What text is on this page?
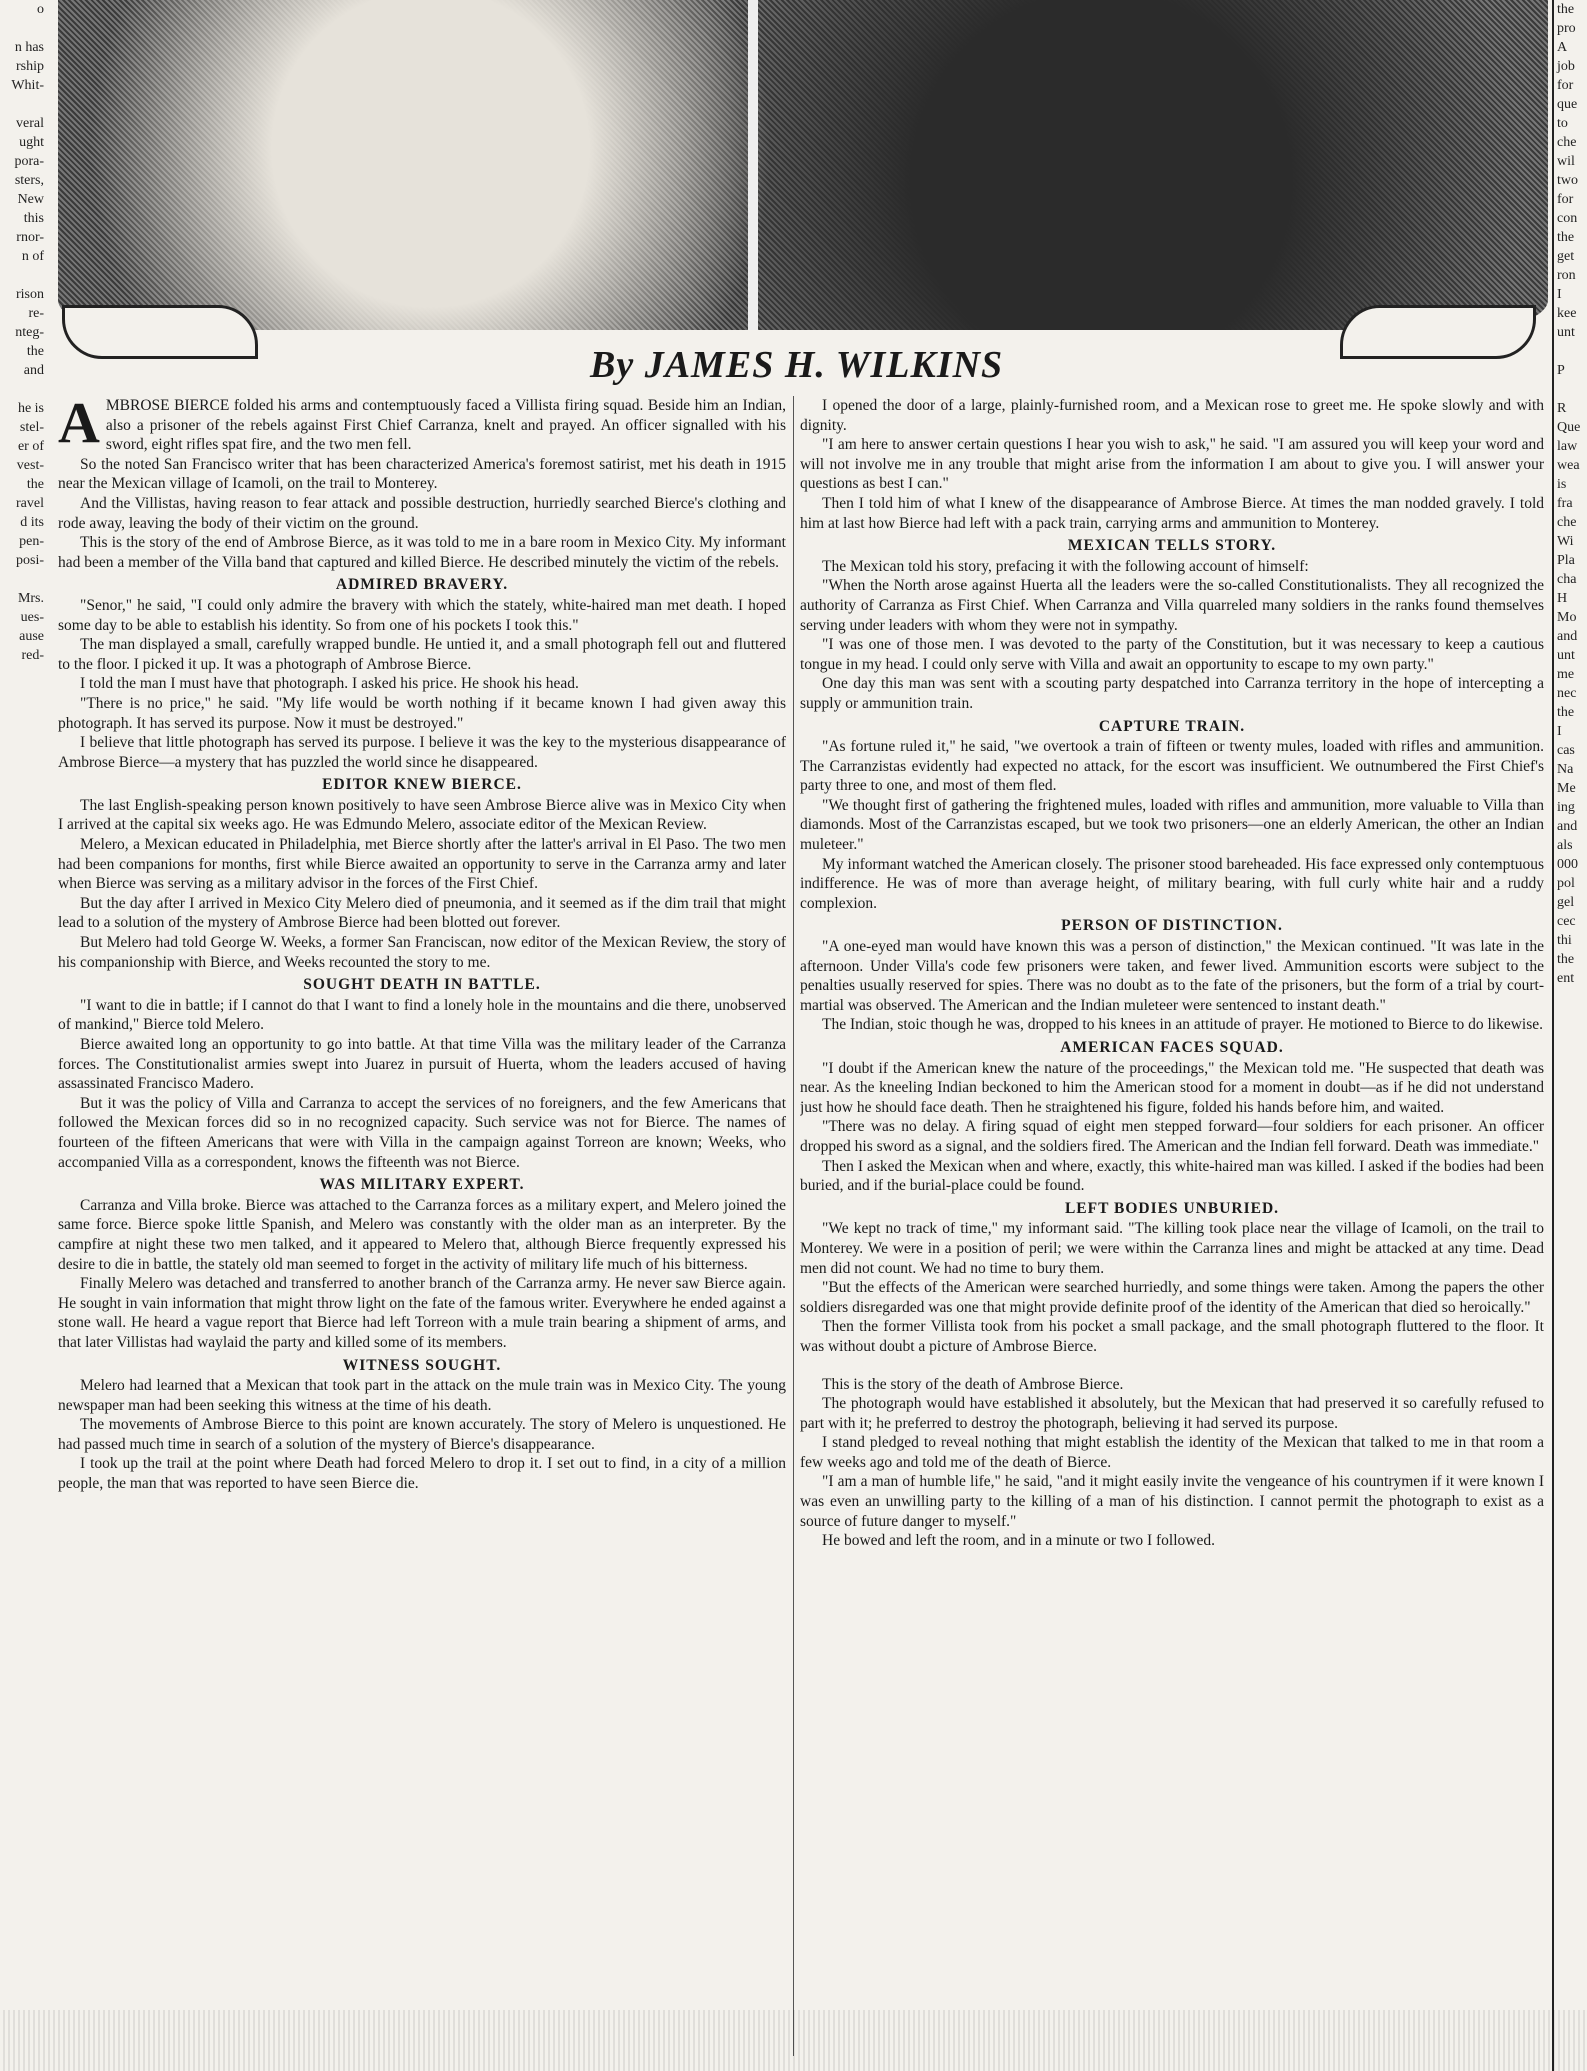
By JAMES H. WILKINS
o

n has
rship
Whit-

veral
ught
pora-
sters,
New
this
rnor-
n of

rison
re-
nteg-
the
and

he is
stel-
er of
vest-
the
ravel
d its
pen-
posi-

Mrs.
ues-
ause
red-
the
pro
A
job
for
que
to
che
wil
two
for
con
the
get
ron
I
kee
unt

P

R
Que
law
wea
is
fra
che
Wi
Pla
cha
H
Mo
and
unt
me
nec
the
I
cas
Na
Me
ing
and
als
000
pol
gel
cec
thi
the
ent

AMBROSE BIERCE folded his arms and contemptuously faced a Villista firing squad. Beside him an Indian, also a prisoner of the rebels against First Chief Carranza, knelt and prayed. An officer signalled with his sword, eight rifles spat fire, and the two men fell.

So the noted San Francisco writer that has been characterized America's foremost satirist, met his death in 1915 near the Mexican village of Icamoli, on the trail to Monterey.

And the Villistas, having reason to fear attack and possible destruction, hurriedly searched Bierce's clothing and rode away, leaving the body of their victim on the ground.

This is the story of the end of Ambrose Bierce, as it was told to me in a bare room in Mexico City. My informant had been a member of the Villa band that captured and killed Bierce. He described minutely the victim of the rebels.

ADMIRED BRAVERY.

"Senor," he said, "I could only admire the bravery with which the stately, white-haired man met death. I hoped some day to be able to establish his identity. So from one of his pockets I took this."

The man displayed a small, carefully wrapped bundle. He untied it, and a small photograph fell out and fluttered to the floor. I picked it up. It was a photograph of Ambrose Bierce.

I told the man I must have that photograph. I asked his price. He shook his head.

"There is no price," he said. "My life would be worth nothing if it became known I had given away this photograph. It has served its purpose. Now it must be destroyed."

I believe that little photograph has served its purpose. I believe it was the key to the mysterious disappearance of Ambrose Bierce—a mystery that has puzzled the world since he disappeared.

EDITOR KNEW BIERCE.

The last English-speaking person known positively to have seen Ambrose Bierce alive was in Mexico City when I arrived at the capital six weeks ago. He was Edmundo Melero, associate editor of the Mexican Review.

Melero, a Mexican educated in Philadelphia, met Bierce shortly after the latter's arrival in El Paso. The two men had been companions for months, first while Bierce awaited an opportunity to serve in the Carranza army and later when Bierce was serving as a military advisor in the forces of the First Chief.

But the day after I arrived in Mexico City Melero died of pneumonia, and it seemed as if the dim trail that might lead to a solution of the mystery of Ambrose Bierce had been blotted out forever.

But Melero had told George W. Weeks, a former San Franciscan, now editor of the Mexican Review, the story of his companionship with Bierce, and Weeks recounted the story to me.

SOUGHT DEATH IN BATTLE.

"I want to die in battle; if I cannot do that I want to find a lonely hole in the mountains and die there, unobserved of mankind," Bierce told Melero.

Bierce awaited long an opportunity to go into battle. At that time Villa was the military leader of the Carranza forces. The Constitutionalist armies swept into Juarez in pursuit of Huerta, whom the leaders accused of having assassinated Francisco Madero.

But it was the policy of Villa and Carranza to accept the services of no foreigners, and the few Americans that followed the Mexican forces did so in no recognized capacity. Such service was not for Bierce. The names of fourteen of the fifteen Americans that were with Villa in the campaign against Torreon are known; Weeks, who accompanied Villa as a correspondent, knows the fifteenth was not Bierce.

WAS MILITARY EXPERT.

Carranza and Villa broke. Bierce was attached to the Carranza forces as a military expert, and Melero joined the same force. Bierce spoke little Spanish, and Melero was constantly with the older man as an interpreter. By the campfire at night these two men talked, and it appeared to Melero that, although Bierce frequently expressed his desire to die in battle, the stately old man seemed to forget in the activity of military life much of his bitterness.

Finally Melero was detached and transferred to another branch of the Carranza army. He never saw Bierce again. He sought in vain information that might throw light on the fate of the famous writer. Everywhere he ended against a stone wall. He heard a vague report that Bierce had left Torreon with a mule train bearing a shipment of arms, and that later Villistas had waylaid the party and killed some of its members.

WITNESS SOUGHT.

Melero had learned that a Mexican that took part in the attack on the mule train was in Mexico City. The young newspaper man had been seeking this witness at the time of his death.

The movements of Ambrose Bierce to this point are known accurately. The story of Melero is unquestioned. He had passed much time in search of a solution of the mystery of Bierce's disappearance.

I took up the trail at the point where Death had forced Melero to drop it. I set out to find, in a city of a million people, the man that was reported to have seen Bierce die.

I opened the door of a large, plainly-furnished room, and a Mexican rose to greet me. He spoke slowly and with dignity.

"I am here to answer certain questions I hear you wish to ask," he said. "I am assured you will keep your word and will not involve me in any trouble that might arise from the information I am about to give you. I will answer your questions as best I can."

Then I told him of what I knew of the disappearance of Ambrose Bierce. At times the man nodded gravely. I told him at last how Bierce had left with a pack train, carrying arms and ammunition to Monterey.

MEXICAN TELLS STORY.

The Mexican told his story, prefacing it with the following account of himself:

"When the North arose against Huerta all the leaders were the so-called Constitutionalists. They all recognized the authority of Carranza as First Chief. When Carranza and Villa quarreled many soldiers in the ranks found themselves serving under leaders with whom they were not in sympathy.

"I was one of those men. I was devoted to the party of the Constitution, but it was necessary to keep a cautious tongue in my head. I could only serve with Villa and await an opportunity to escape to my own party."

One day this man was sent with a scouting party despatched into Carranza territory in the hope of intercepting a supply or ammunition train.

CAPTURE TRAIN.

"As fortune ruled it," he said, "we overtook a train of fifteen or twenty mules, loaded with rifles and ammunition. The Carranzistas evidently had expected no attack, for the escort was insufficient. We outnumbered the First Chief's party three to one, and most of them fled.

"We thought first of gathering the frightened mules, loaded with rifles and ammunition, more valuable to Villa than diamonds. Most of the Carranzistas escaped, but we took two prisoners—one an elderly American, the other an Indian muleteer."

My informant watched the American closely. The prisoner stood bareheaded. His face expressed only contemptuous indifference. He was of more than average height, of military bearing, with full curly white hair and a ruddy complexion.

PERSON OF DISTINCTION.

"A one-eyed man would have known this was a person of distinction," the Mexican continued. "It was late in the afternoon. Under Villa's code few prisoners were taken, and fewer lived. Ammunition escorts were subject to the penalties usually reserved for spies. There was no doubt as to the fate of the prisoners, but the form of a trial by court-martial was observed. The American and the Indian muleteer were sentenced to instant death."

The Indian, stoic though he was, dropped to his knees in an attitude of prayer. He motioned to Bierce to do likewise.

AMERICAN FACES SQUAD.

"I doubt if the American knew the nature of the proceedings," the Mexican told me. "He suspected that death was near. As the kneeling Indian beckoned to him the American stood for a moment in doubt—as if he did not understand just how he should face death. Then he straightened his figure, folded his hands before him, and waited.

"There was no delay. A firing squad of eight men stepped forward—four soldiers for each prisoner. An officer dropped his sword as a signal, and the soldiers fired. The American and the Indian fell forward. Death was immediate."

Then I asked the Mexican when and where, exactly, this white-haired man was killed. I asked if the bodies had been buried, and if the burial-place could be found.

LEFT BODIES UNBURIED.

"We kept no track of time," my informant said. "The killing took place near the village of Icamoli, on the trail to Monterey. We were in a position of peril; we were within the Carranza lines and might be attacked at any time. Dead men did not count. We had no time to bury them.

"But the effects of the American were searched hurriedly, and some things were taken. Among the papers the other soldiers disregarded was one that might provide definite proof of the identity of the American that died so heroically."

Then the former Villista took from his pocket a small package, and the small photograph fluttered to the floor. It was without doubt a picture of Ambrose Bierce.

This is the story of the death of Ambrose Bierce.

The photograph would have established it absolutely, but the Mexican that had preserved it so carefully refused to part with it; he preferred to destroy the photograph, believing it had served its purpose.

I stand pledged to reveal nothing that might establish the identity of the Mexican that talked to me in that room a few weeks ago and told me of the death of Bierce.

"I am a man of humble life," he said, "and it might easily invite the vengeance of his countrymen if it were known I was even an unwilling party to the killing of a man of his distinction. I cannot permit the photograph to exist as a source of future danger to myself."

He bowed and left the room, and in a minute or two I followed.
